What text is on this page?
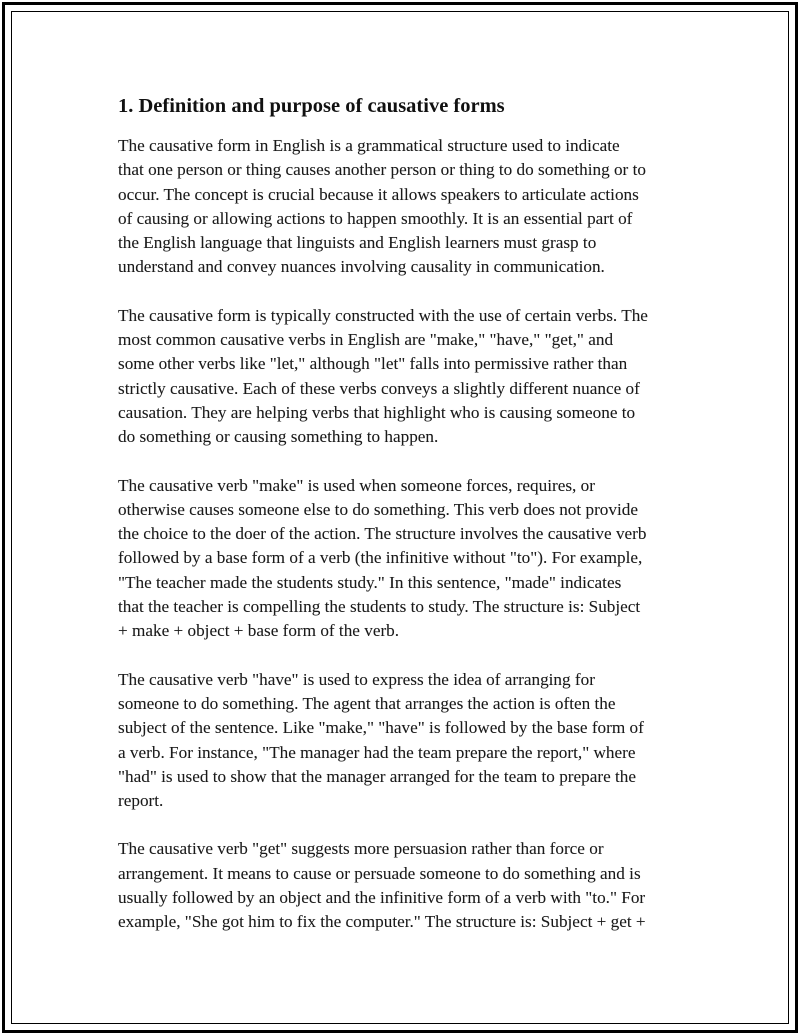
1. Definition and purpose of causative forms

The causative form in English is a grammatical structure used to indicate
that one person or thing causes another person or thing to do something or to
occur. The concept is crucial because it allows speakers to articulate actions
of causing or allowing actions to happen smoothly. It is an essential part of
the English language that linguists and English learners must grasp to
understand and convey nuances involving causality in communication.

The causative form is typically constructed with the use of certain verbs. The
most common causative verbs in English are "make," "have," "get," and
some other verbs like "let," although "let" falls into permissive rather than
strictly causative. Each of these verbs conveys a slightly different nuance of
causation. They are helping verbs that highlight who is causing someone to
do something or causing something to happen.

The causative verb "make" is used when someone forces, requires, or
otherwise causes someone else to do something. This verb does not provide
the choice to the doer of the action. The structure involves the causative verb
followed by a base form of a verb (the infinitive without "to"). For example,
"The teacher made the students study." In this sentence, "made" indicates
that the teacher is compelling the students to study. The structure is: Subject
+ make + object + base form of the verb.

The causative verb "have" is used to express the idea of arranging for
someone to do something. The agent that arranges the action is often the
subject of the sentence. Like "make," "have" is followed by the base form of
a verb. For instance, "The manager had the team prepare the report," where
"had" is used to show that the manager arranged for the team to prepare the
report.

The causative verb "get" suggests more persuasion rather than force or
arrangement. It means to cause or persuade someone to do something and is
usually followed by an object and the infinitive form of a verb with "to." For
example, "She got him to fix the computer." The structure is: Subject + get +
